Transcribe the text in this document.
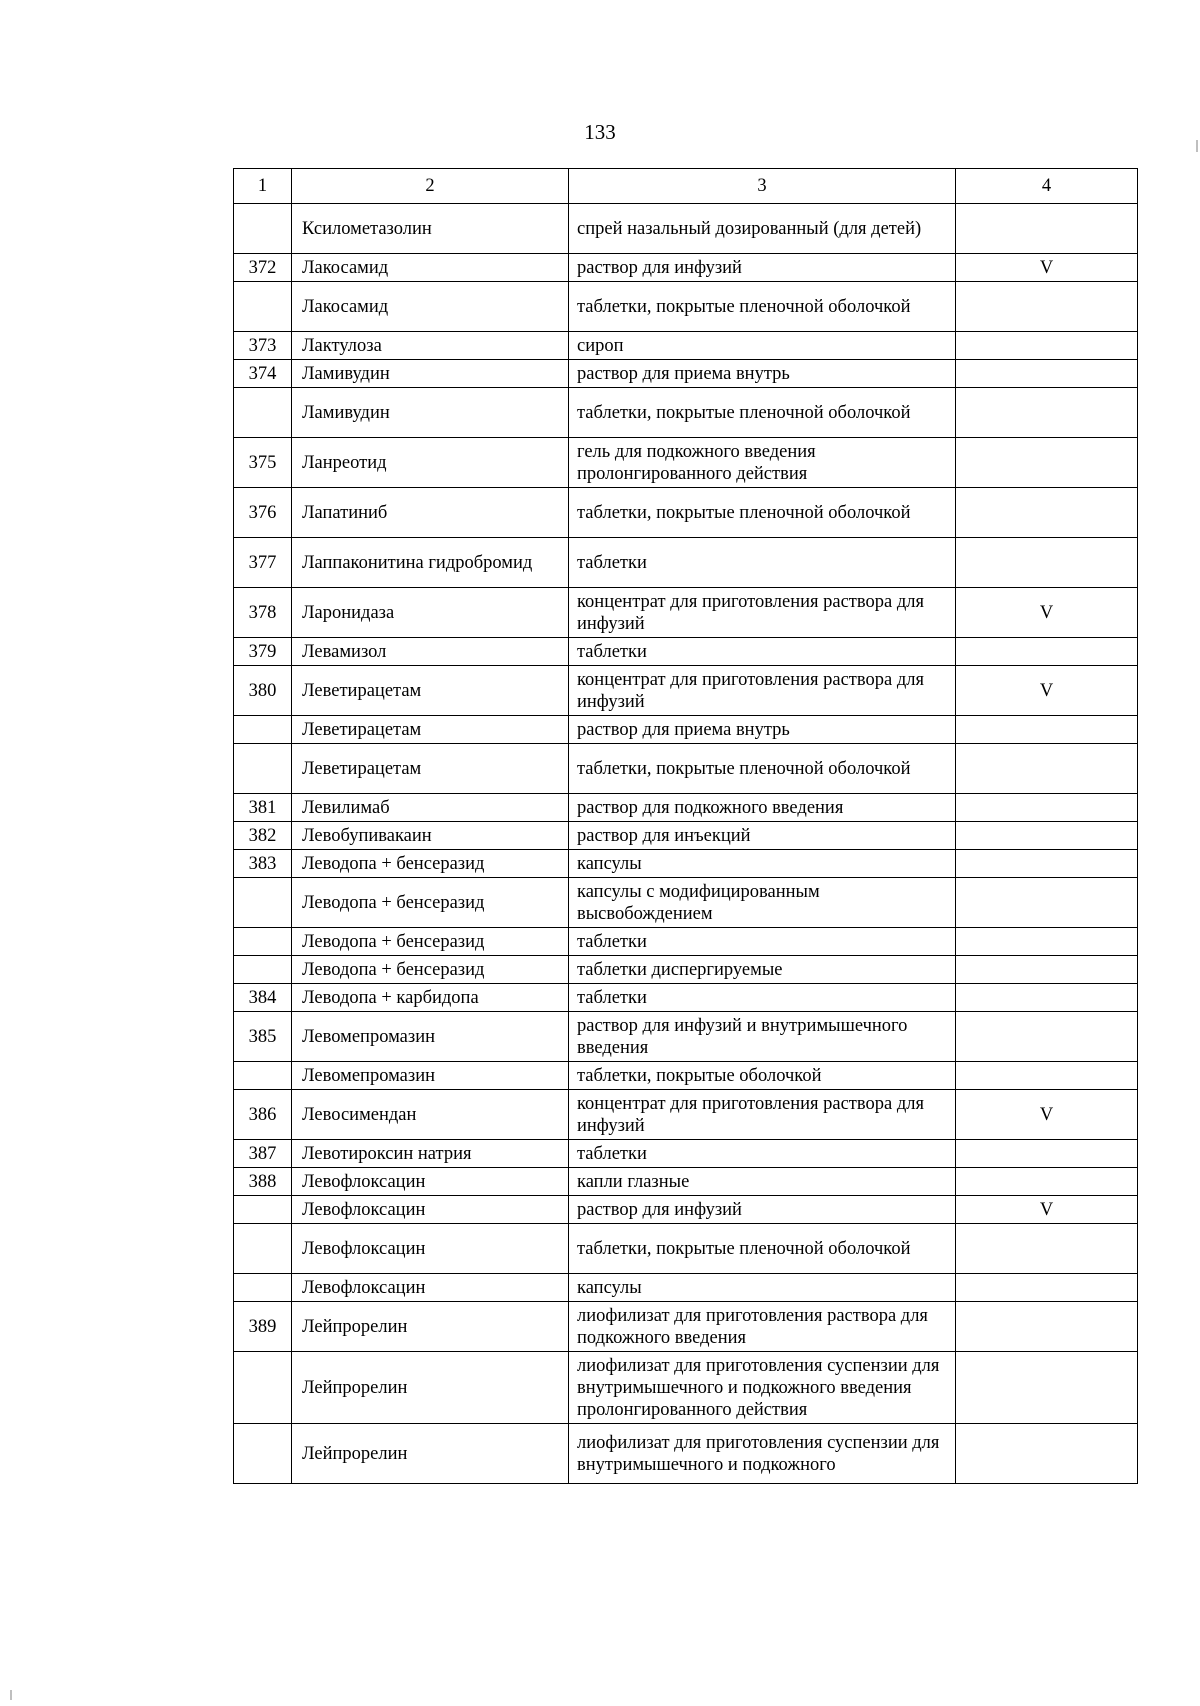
133
1	2	3	4
	Ксилометазолин	спрей назальный дозированный (для детей)	
372	Лакосамид	раствор для инфузий	V
	Лакосамид	таблетки, покрытые пленочной оболочкой	
373	Лактулоза	сироп	
374	Ламивудин	раствор для приема внутрь	
	Ламивудин	таблетки, покрытые пленочной оболочкой	
375	Ланреотид	гель для подкожного введения пролонгированного действия	
376	Лапатиниб	таблетки, покрытые пленочной оболочкой	
377	Лаппаконитина гидробромид	таблетки	
378	Ларонидаза	концентрат для приготовления раствора для инфузий	V
379	Левамизол	таблетки	
380	Леветирацетам	концентрат для приготовления раствора для инфузий	V
	Леветирацетам	раствор для приема внутрь	
	Леветирацетам	таблетки, покрытые пленочной оболочкой	
381	Левилимаб	раствор для подкожного введения	
382	Левобупивакаин	раствор для инъекций	
383	Леводопа + бенсеразид	капсулы	
	Леводопа + бенсеразид	капсулы с модифицированным высвобождением	
	Леводопа + бенсеразид	таблетки	
	Леводопа + бенсеразид	таблетки диспергируемые	
384	Леводопа + карбидопа	таблетки	
385	Левомепромазин	раствор для инфузий и внутримышечного введения	
	Левомепромазин	таблетки, покрытые оболочкой	
386	Левосимендан	концентрат для приготовления раствора для инфузий	V
387	Левотироксин натрия	таблетки	
388	Левофлоксацин	капли глазные	
	Левофлоксацин	раствор для инфузий	V
	Левофлоксацин	таблетки, покрытые пленочной оболочкой	
	Левофлоксацин	капсулы	
389	Лейпрорелин	лиофилизат для приготовления раствора для подкожного введения	
	Лейпрорелин	лиофилизат для приготовления суспензии для внутримышечного и подкожного введения пролонгированного действия	
	Лейпрорелин	лиофилизат для приготовления суспензии для внутримышечного и подкожного	
